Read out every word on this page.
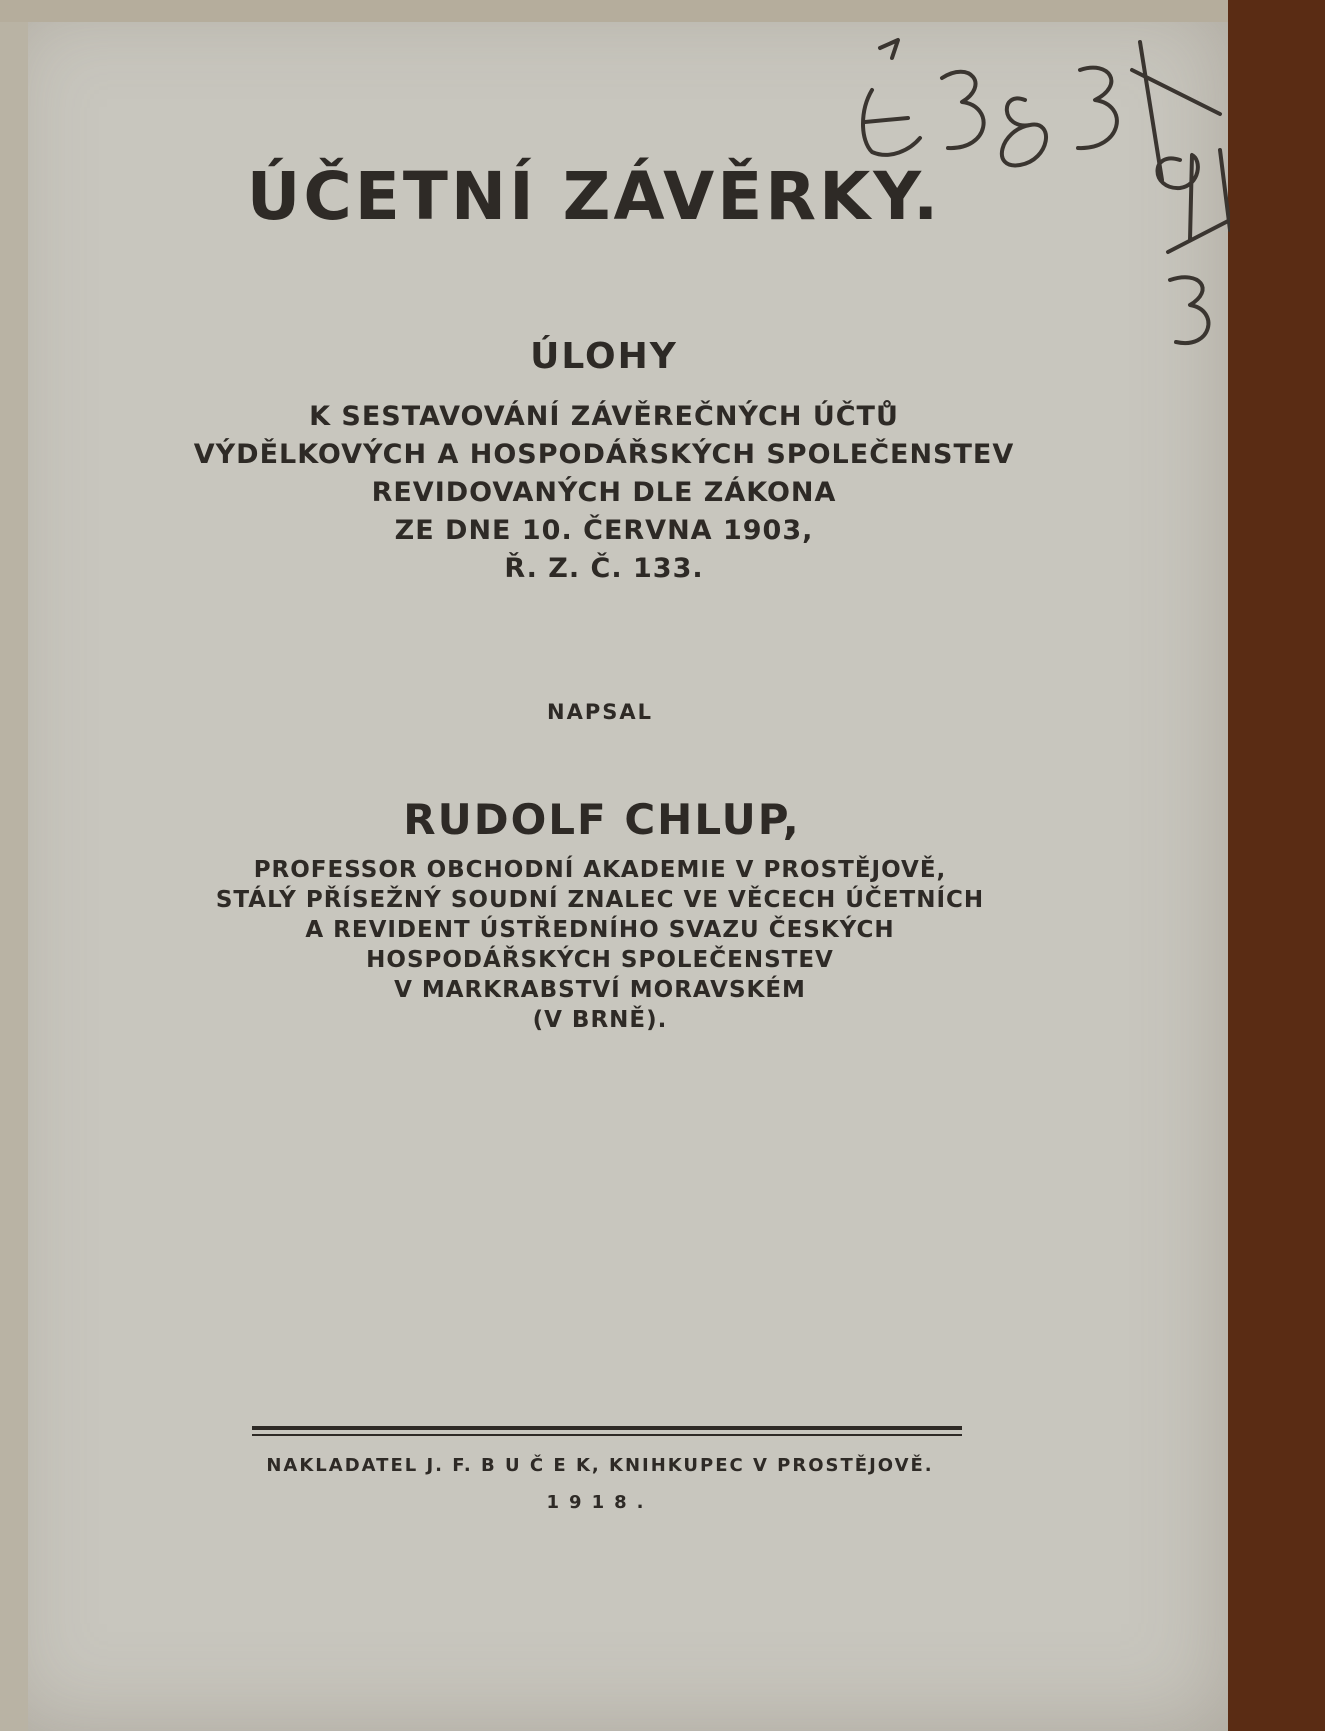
ÚČETNÍ ZÁVĚRKY.
ÚLOHY
K SESTAVOVÁNÍ ZÁVĚREČNÝCH ÚČTŮ
VÝDĚLKOVÝCH A HOSPODÁŘSKÝCH SPOLEČENSTEV
REVIDOVANÝCH DLE ZÁKONA
ZE DNE 10. ČERVNA 1903,
Ř. Z. Č. 133.
NAPSAL
RUDOLF CHLUP,
PROFESSOR OBCHODNÍ AKADEMIE V PROSTĚJOVĚ,
STÁLÝ PŘÍSEŽNÝ SOUDNÍ ZNALEC VE VĚCECH ÚČETNÍCH
A REVIDENT ÚSTŘEDNÍHO SVAZU ČESKÝCH
HOSPODÁŘSKÝCH SPOLEČENSTEV
V MARKRABSTVÍ MORAVSKÉM
(V BRNĚ).
NAKLADATEL J. F. B U Č E K, KNIHKUPEC V PROSTĚJOVĚ.
1918.
